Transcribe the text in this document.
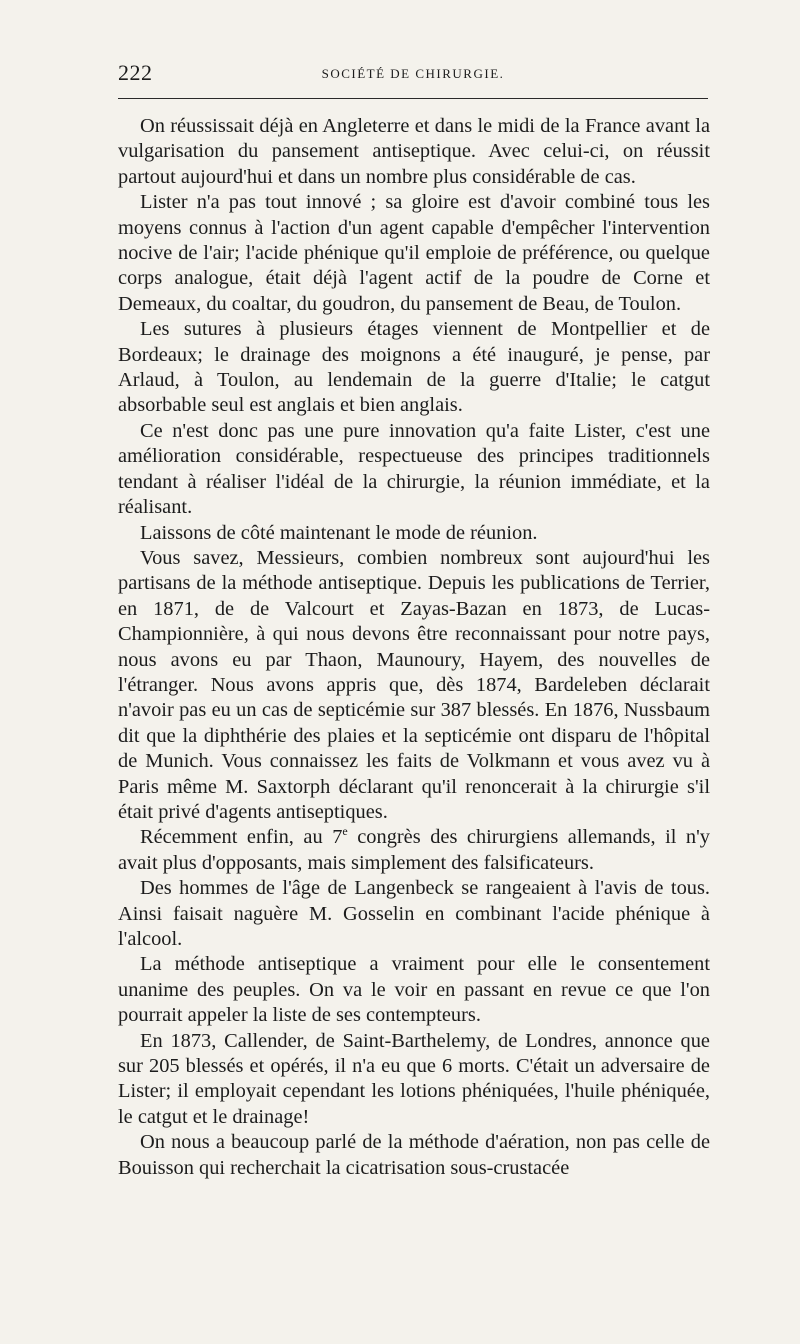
222	SOCIÉTÉ DE CHIRURGIE.

On réussissait déjà en Angleterre et dans le midi de la France avant la vulgarisation du pansement antiseptique. Avec celui-ci, on réussit partout aujourd'hui et dans un nombre plus considérable de cas.

Lister n'a pas tout innové ; sa gloire est d'avoir combiné tous les moyens connus à l'action d'un agent capable d'empêcher l'intervention nocive de l'air; l'acide phénique qu'il emploie de préférence, ou quelque corps analogue, était déjà l'agent actif de la poudre de Corne et Demeaux, du coaltar, du goudron, du pansement de Beau, de Toulon.

Les sutures à plusieurs étages viennent de Montpellier et de Bordeaux; le drainage des moignons a été inauguré, je pense, par Arlaud, à Toulon, au lendemain de la guerre d'Italie; le catgut absorbable seul est anglais et bien anglais.

Ce n'est donc pas une pure innovation qu'a faite Lister, c'est une amélioration considérable, respectueuse des principes traditionnels tendant à réaliser l'idéal de la chirurgie, la réunion immédiate, et la réalisant.

Laissons de côté maintenant le mode de réunion.

Vous savez, Messieurs, combien nombreux sont aujourd'hui les partisans de la méthode antiseptique. Depuis les publications de Terrier, en 1871, de de Valcourt et Zayas-Bazan en 1873, de Lucas-Championnière, à qui nous devons être reconnaissant pour notre pays, nous avons eu par Thaon, Maunoury, Hayem, des nouvelles de l'étranger. Nous avons appris que, dès 1874, Bardeleben déclarait n'avoir pas eu un cas de septicémie sur 387 blessés. En 1876, Nussbaum dit que la diphthérie des plaies et la septicémie ont disparu de l'hôpital de Munich. Vous connaissez les faits de Volkmann et vous avez vu à Paris même M. Saxtorph déclarant qu'il renoncerait à la chirurgie s'il était privé d'agents antiseptiques.

Récemment enfin, au 7e congrès des chirurgiens allemands, il n'y avait plus d'opposants, mais simplement des falsificateurs.

Des hommes de l'âge de Langenbeck se rangeaient à l'avis de tous. Ainsi faisait naguère M. Gosselin en combinant l'acide phénique à l'alcool.

La méthode antiseptique a vraiment pour elle le consentement unanime des peuples. On va le voir en passant en revue ce que l'on pourrait appeler la liste de ses contempteurs.

En 1873, Callender, de Saint-Barthelemy, de Londres, annonce que sur 205 blessés et opérés, il n'a eu que 6 morts. C'était un adversaire de Lister; il employait cependant les lotions phéniquées, l'huile phéniquée, le catgut et le drainage!

On nous a beaucoup parlé de la méthode d'aération, non pas celle de Bouisson qui recherchait la cicatrisation sous-crustacée
